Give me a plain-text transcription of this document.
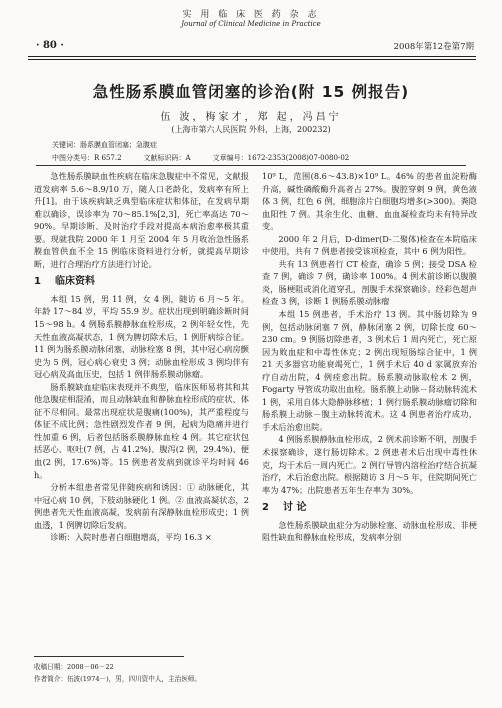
实 用 临 床 医 药 杂 志
Journal of Clinical Medicine in Practice
· 80 ·	2008年第12卷第7期
急性肠系膜血管闭塞的诊治(附 15 例报告)
伍 波，梅家才，郑 起，冯昌宁
(上海市第六人民医院 外科，上海，200232)
关键词：肠系膜血管闭塞；急腹症
中图分类号：R 657.2	文献标识码：A	文章编号：1672-2353(2008)07-0080-02

急性肠系膜缺血性疾病在临床急腹症中不常见，文献报道发病率 5.6～8.9/10 万，随人口老龄化，发病率有所上升[1]。由于该疾病缺乏典型临床症状和体征，在发病早期难以确诊，误诊率为 70～85.1%[2,3]，死亡率高达 70～90%。早期诊断、及时治疗手段对提高本病治愈率极其重要。现就我院 2000 年 1 月至 2004 年 5 月收治急性肠系膜血管供血不全 15 例临床资料进行分析，就提高早期诊断，进行合理治疗方法进行讨论。

1 临床资料

本组 15 例，男 11 例，女 4 例，随访 6 月～5 年。年龄 17～84 岁，平均 55.9 岁。症状出现到明确诊断时间 15～98 h。4 例肠系膜静脉血栓形成，2 例年轻女性，先天性血液高凝状态，1 例为脾切除术后，1 例肝病综合征。11 例为肠系膜动脉闭塞，动脉栓塞 8 例，其中冠心病房颤史为 5 例，冠心病心衰史 3 例；动脉血栓形成 3 例均伴有冠心病及高血压史，包括 1 例伴肠系膜动脉瘤。

肠系膜缺血症临床表现并不典型，临床医师易将其和其他急腹症相混淆，而且动脉缺血和静脉血栓形成的症状、体征不尽相同。最常出现症状是腹痛(100%)，其严重程度与体征不成比例；急性剧烈发作者 9 例，起病为隐痛并进行性加重 6 例，后者包括肠系膜静脉血栓 4 例。其它症状包括恶心、呕吐(7 例，占 41.2%)、腹泻(2 例，29.4%)、便血(2 例，17.6%)等。15 例患者发病到就诊平均时间 46 h。

分析本组患者常见伴随疾病和诱因：① 动脉硬化，其中冠心病 10 例，下肢动脉硬化 1 例。② 血液高凝状态，2 例患者先天性血液高凝，发病前有深静脉血栓形成史；1 例血透，1 例脾切除后发病。

诊断：入院时患者白细胞增高，平均 16.3 ×

10⁹ L，范围(8.6～43.8)×10⁹ L。46% 的患者血淀粉酶升高，碱性磷酸酶升高者占 27%。腹腔穿刺 9 例，黄色液体 3 例，红色 6 例，细胞涂片白细胞均增多(>300)。粪隐血阳性 7 例。其余生化、血糖、血血凝检查均未有特异改变。

2000 年 2 月后，D-dimer(D-二聚体)检查在本院临床中使用，共有 7 例患者接受该项检查，其中 6 例为阳性。

共有 13 例患者行 CT 检查，确诊 5 例；接受 DSA 检查 7 例，确诊 7 例，确诊率 100%。4 例术前诊断以腹膜炎，肠梗阻或消化道穿孔，剖腹手术探察确诊。经彩色超声检查 3 例，诊断 1 例肠系膜动脉瘤

本组 15 例患者，手术治疗 13 例。其中肠切除为 9 例，包括动脉闭塞 7 例，静脉闭塞 2 例，切除长度 60～230 cm。9 例肠切除患者，3 例术后 1 周内死亡，死亡原因为败血症和中毒性休克；2 例出现短肠综合征中，1 例 21 天多器官功能衰竭死亡，1 例手术后 40 d 家属放弃治疗自动出院，4 例痊愈出院。肠系膜动脉取栓术 2 例，Fogarty 导管成功取出血栓。肠系膜上动脉－肾动脉转流术 1 例，采用自体大隐静脉移植；1 例行肠系膜动脉瘤切除和肠系膜上动脉－腹主动脉转流术。这 4 例患者治疗成功，手术后治愈出院。

4 例肠系膜静脉血栓形成，2 例术前诊断不明，剖腹手术探察确诊，遂行肠切除术。2 例患者术后出现中毒性休克，均于术后一周内死亡。2 例行导管内溶栓治疗结合抗凝治疗，术后治愈出院。根据随访 3 月～5 年，住院期间死亡率为 47%；出院患者五年生存率为 30%。

2 讨 论

急性肠系膜缺血症分为动脉栓塞、动脉血栓形成、非梗阻性缺血和静脉血栓形成，发病率分别

收稿日期：2008－06－22
作者简介：伍波(1974－)，男，四川资中人，主治医师。
